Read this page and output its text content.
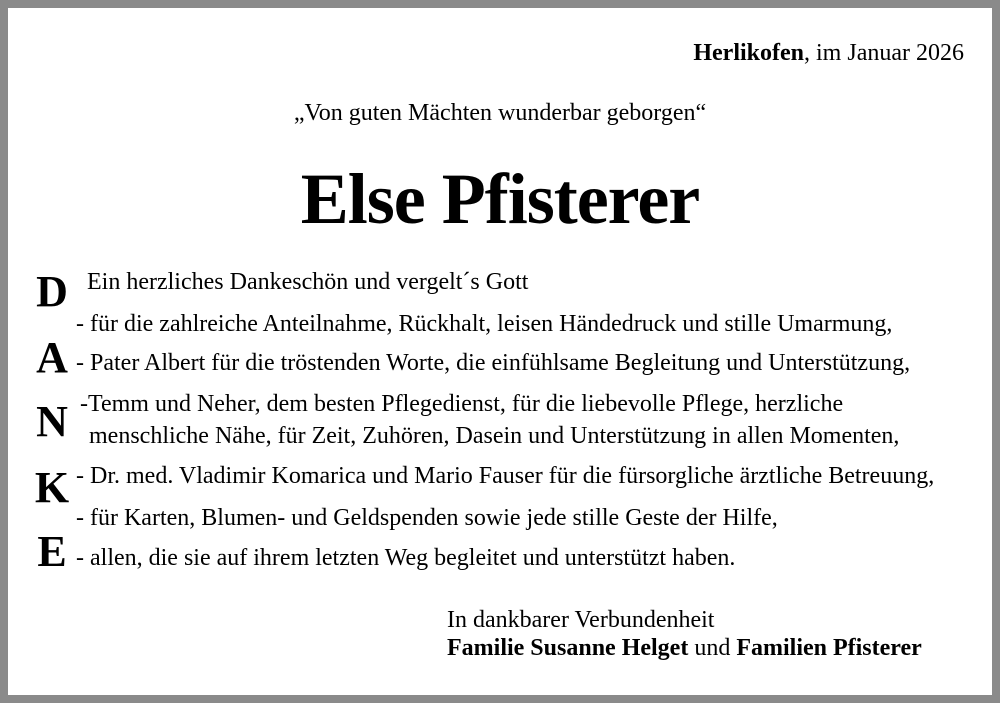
Herlikofen, im Januar 2026
„Von guten Mächten wunderbar geborgen“
Else Pfisterer
D
A
N
K
E
Ein herzliches Dankeschön und vergelt´s Gott
- für die zahlreiche Anteilnahme, Rückhalt, leisen Händedruck und stille Umarmung,
- Pater Albert für die tröstenden Worte, die einfühlsame Begleitung und Unterstützung,
-Temm und Neher, dem besten Pflegedienst, für die liebevolle Pflege, herzliche
menschliche Nähe, für Zeit, Zuhören, Dasein und Unterstützung in allen Momenten,
- Dr. med. Vladimir Komarica und Mario Fauser für die fürsorgliche ärztliche Betreuung,
- für Karten, Blumen- und Geldspenden sowie jede stille Geste der Hilfe,
- allen, die sie auf ihrem letzten Weg begleitet und unterstützt haben.
In dankbarer Verbundenheit
Familie Susanne Helget und Familien Pfisterer
